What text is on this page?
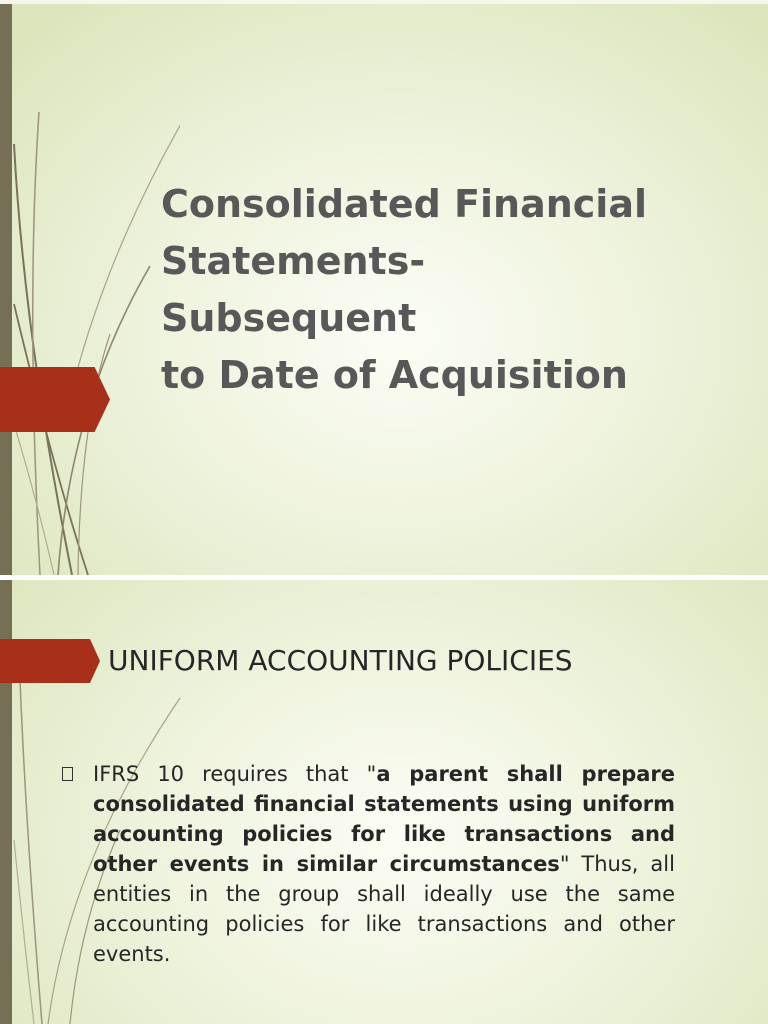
Consolidated Financial
Statements-Subsequent
to Date of Acquisition
UNIFORM ACCOUNTING POLICIES

IFRS 10 requires that "a parent shall prepare consolidated financial statements using uniform accounting policies for like transactions and other events in similar circumstances" Thus, all entities in the group shall ideally use the same accounting policies for like transactions and other events.
